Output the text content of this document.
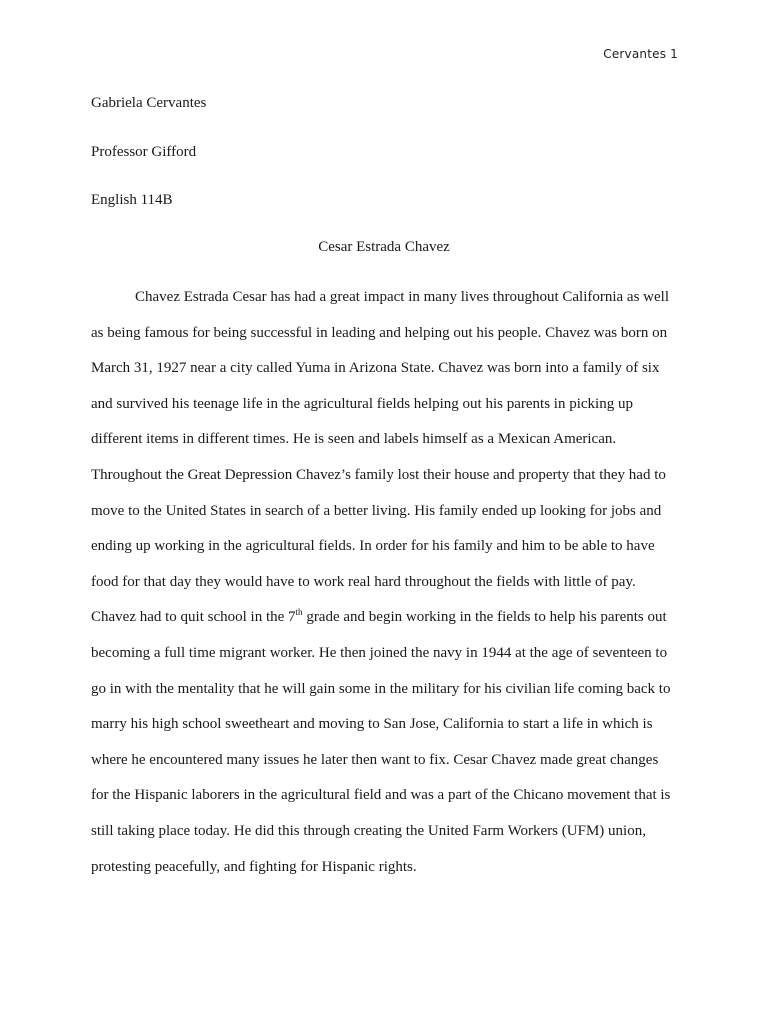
Cervantes 1
Gabriela Cervantes
Professor Gifford
English 114B
Cesar Estrada Chavez
Chavez Estrada Cesar has had a great impact in many lives throughout California as well
as being famous for being successful in leading and helping out his people. Chavez was born on
March 31, 1927 near a city called Yuma in Arizona State. Chavez was born into a family of six
and survived his teenage life in the agricultural fields helping out his parents in picking up
different items in different times. He is seen and labels himself as a Mexican American.
Throughout the Great Depression Chavez’s family lost their house and property that they had to
move to the United States in search of a better living. His family ended up looking for jobs and
ending up working in the agricultural fields. In order for his family and him to be able to have
food for that day they would have to work real hard throughout the fields with little of pay.
Chavez had to quit school in the 7th grade and begin working in the fields to help his parents out
becoming a full time migrant worker. He then joined the navy in 1944 at the age of seventeen to
go in with the mentality that he will gain some in the military for his civilian life coming back to
marry his high school sweetheart and moving to San Jose, California to start a life in which is
where he encountered many issues he later then want to fix. Cesar Chavez made great changes
for the Hispanic laborers in the agricultural field and was a part of the Chicano movement that is
still taking place today. He did this through creating the United Farm Workers (UFM) union,
protesting peacefully, and fighting for Hispanic rights.
